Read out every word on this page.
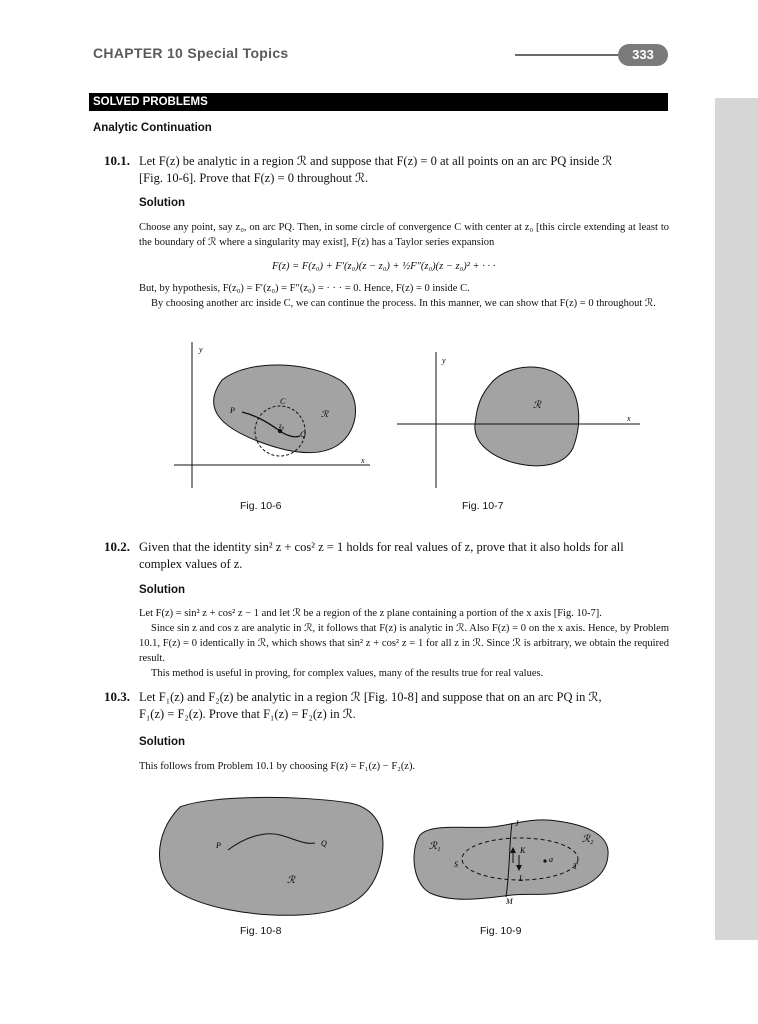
CHAPTER 10 Special Topics	333
SOLVED PROBLEMS
Analytic Continuation
10.1. Let F(z) be analytic in a region ℛ and suppose that F(z) = 0 at all points on an arc PQ inside ℛ
[Fig. 10-6]. Prove that F(z) = 0 throughout ℛ.
Solution

Choose any point, say z₀, on arc PQ. Then, in some circle of convergence C with center at z₀ [this circle extending at least to the boundary of ℛ where a singularity may exist], F(z) has a Taylor series expansion

F(z) = F(z₀) + F′(z₀)(z − z₀) + ½F″(z₀)(z − z₀)² + · · ·

But, by hypothesis, F(z₀) = F′(z₀) = F″(z₀) = · · · = 0. Hence, F(z) = 0 inside C.

By choosing another arc inside C, we can continue the process. In this manner, we can show that F(z) = 0 throughout ℛ.

y
x
P
Q
C
z₀
ℛ
Fig. 10-6
y
x
ℛ
Fig. 10-7
10.2. Given that the identity sin² z + cos² z = 1 holds for real values of z, prove that it also holds for all
complex values of z.
Solution

Let F(z) = sin² z + cos² z − 1 and let ℛ be a region of the z plane containing a portion of the x axis [Fig. 10-7].

Since sin z and cos z are analytic in ℛ, it follows that F(z) is analytic in ℛ. Also F(z) = 0 on the x axis. Hence, by Problem 10.1, F(z) = 0 identically in ℛ, which shows that sin² z + cos² z = 1 for all z in ℛ. Since ℛ is arbitrary, we obtain the required result.

This method is useful in proving, for complex values, many of the results true for real values.

10.3. Let F₁(z) and F₂(z) be analytic in a region ℛ [Fig. 10-8] and suppose that on an arc PQ in ℛ,
F₁(z) = F₂(z). Prove that F₁(z) = F₂(z) in ℛ.
Solution

This follows from Problem 10.1 by choosing F(z) = F₁(z) − F₂(z).

P	Q
ℛ
Fig. 10-8
J
K
L
M
S	T
a
ℛ₁
ℛ₂
Fig. 10-9
